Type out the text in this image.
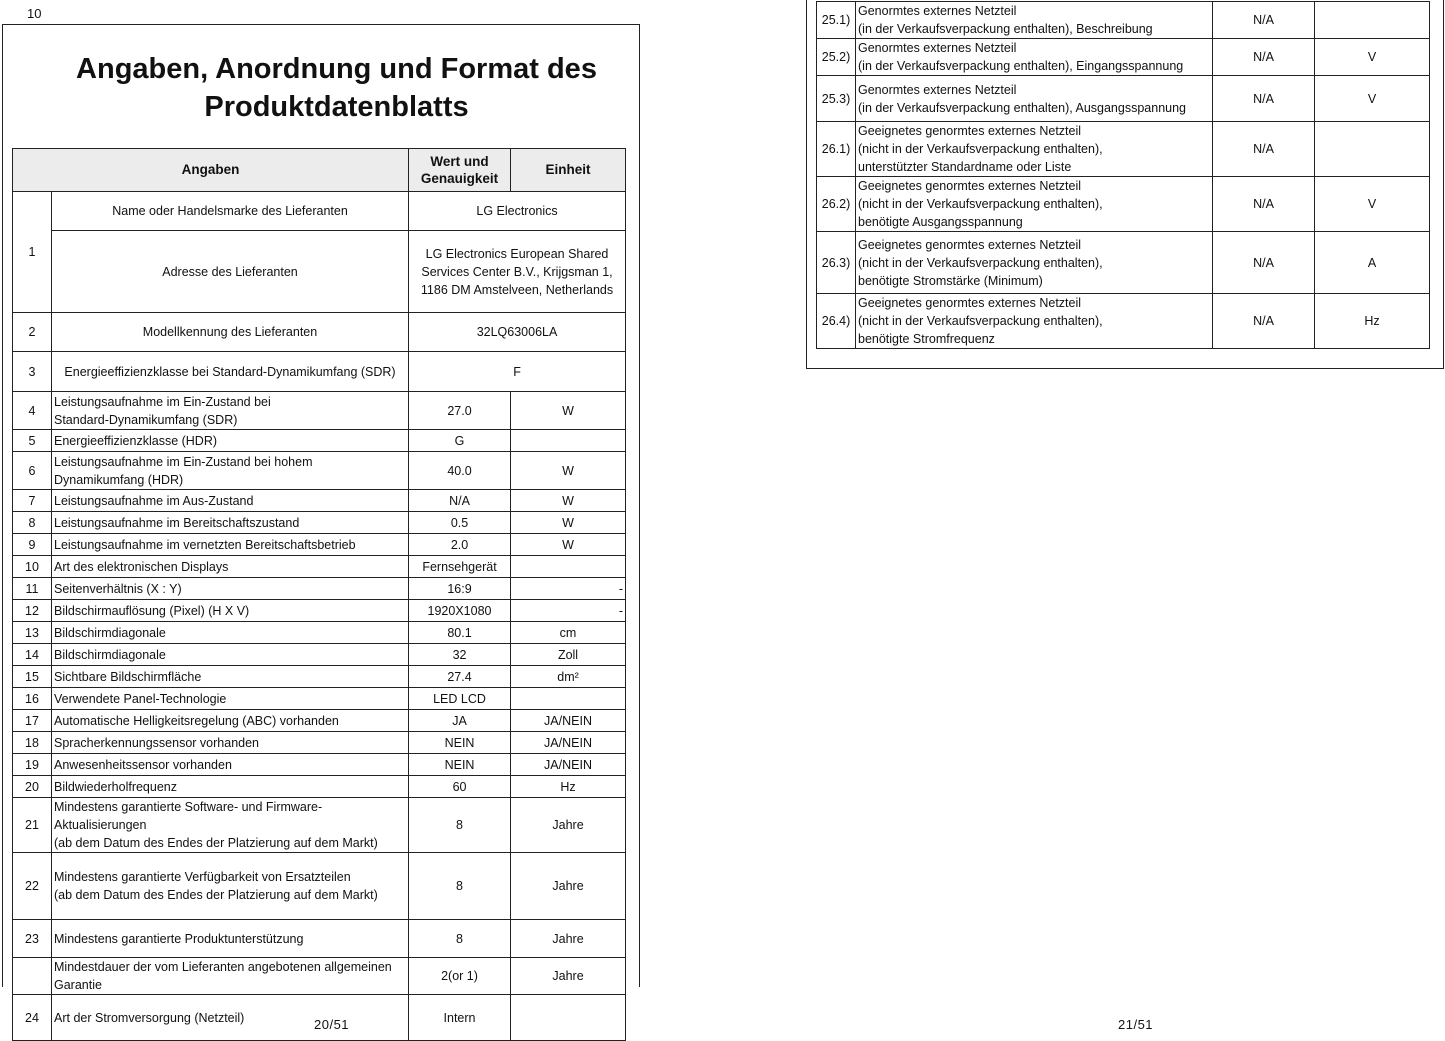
10
Angaben, Anordnung und Format des
Produktdatenblatts
Angaben		Wert und
Genauigkeit	Einheit
1	Name oder Handelsmarke des Lieferanten	LG Electronics	
	Adresse des Lieferanten	LG Electronics European Shared Services Center B.V., Krijgsman 1, 1186 DM Amstelveen, Netherlands	
2	Modellkennung des Lieferanten	32LQ63006LA	
3	Energieeffizienzklasse bei Standard-Dynamikumfang (SDR)	F	
4	Leistungsaufnahme im Ein-Zustand bei
Standard-Dynamikumfang (SDR)	27.0	W
5	Energieeffizienzklasse (HDR)	G	
6	Leistungsaufnahme im Ein-Zustand bei hohem
Dynamikumfang (HDR)	40.0	W
7	Leistungsaufnahme im Aus-Zustand	N/A	W
8	Leistungsaufnahme im Bereitschaftszustand	0.5	W
9	Leistungsaufnahme im vernetzten Bereitschaftsbetrieb	2.0	W
10	Art des elektronischen Displays	Fernsehgerät	
11	Seitenverhältnis (X : Y)	16:9	-
12	Bildschirmauflösung (Pixel) (H X V)	1920X1080	-
13	Bildschirmdiagonale	80.1	cm
14	Bildschirmdiagonale	32	Zoll
15	Sichtbare Bildschirmfläche	27.4	dm²
16	Verwendete Panel-Technologie	LED LCD	
17	Automatische Helligkeitsregelung (ABC) vorhanden	JA	JA/NEIN
18	Spracherkennungssensor vorhanden	NEIN	JA/NEIN
19	Anwesenheitssensor vorhanden	NEIN	JA/NEIN
20	Bildwiederholfrequenz	60	Hz
21	Mindestens garantierte Software- und Firmware-Aktualisierungen
(ab dem Datum des Endes der Platzierung auf dem Markt)	8	Jahre
22	Mindestens garantierte Verfügbarkeit von Ersatzteilen
(ab dem Datum des Endes der Platzierung auf dem Markt)	8	Jahre
23	Mindestens garantierte Produktunterstützung	8	Jahre
	Mindestdauer der vom Lieferanten angebotenen allgemeinen
Garantie	2(or 1)	Jahre
24	Art der Stromversorgung (Netzteil)	Intern	
25.1)	Genormtes externes Netzteil
(in der Verkaufsverpackung enthalten), Beschreibung	N/A	
25.2)	Genormtes externes Netzteil
(in der Verkaufsverpackung enthalten), Eingangsspannung	N/A	V
25.3)	Genormtes externes Netzteil
(in der Verkaufsverpackung enthalten), Ausgangsspannung	N/A	V
26.1)	Geeignetes genormtes externes Netzteil
(nicht in der Verkaufsverpackung enthalten),
unterstützter Standardname oder Liste	N/A	
26.2)	Geeignetes genormtes externes Netzteil
(nicht in der Verkaufsverpackung enthalten),
benötigte Ausgangsspannung	N/A	V
26.3)	Geeignetes genormtes externes Netzteil
(nicht in der Verkaufsverpackung enthalten),
benötigte Stromstärke (Minimum)	N/A	A
26.4)	Geeignetes genormtes externes Netzteil
(nicht in der Verkaufsverpackung enthalten),
benötigte Stromfrequenz	N/A	Hz
20/51	21/51
